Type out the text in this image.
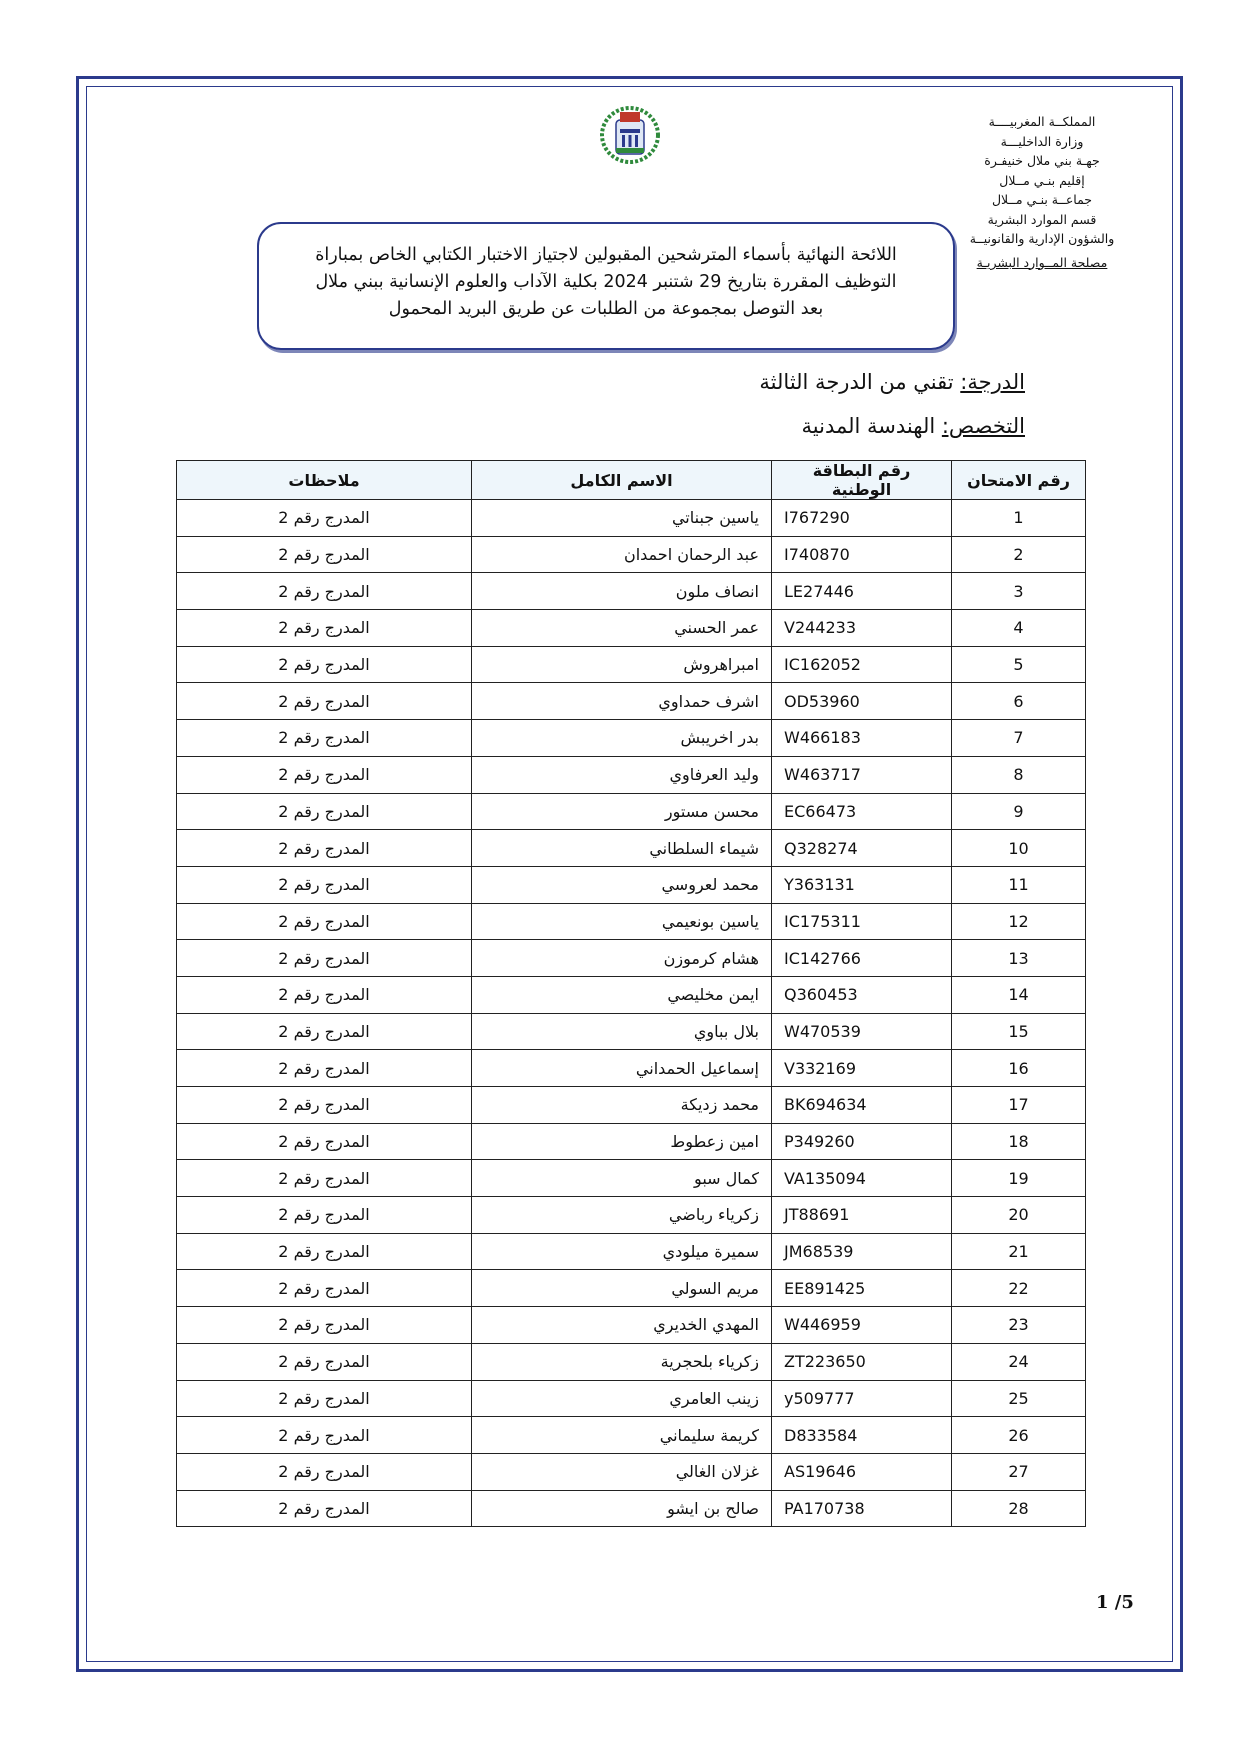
المملكــة المغربيــــة
وزارة الداخليـــة
جهـة بني ملال خنيفـرة
إقليم بنـي مــلال
جماعــة بنـي مــلال
قسم الموارد البشرية
والشؤون الإدارية والقانونيــة
مصلحة المــوارد البشريـة
اللائحة النهائية بأسماء المترشحين المقبولين لاجتياز الاختبار الكتابي الخاص بمباراة
التوظيف المقررة بتاريخ 29 شتنبر 2024 بكلية الآداب والعلوم الإنسانية ببني ملال
بعد التوصل بمجموعة من الطلبات عن طريق البريد المحمول
الدرجة: تقني من الدرجة الثالثة
التخصص: الهندسة المدنية
رقم الامتحان	رقم البطاقة الوطنية	الاسم الكامل	ملاحظات
1	I767290	ياسين جبناتي	المدرج رقم 2
2	I740870	عبد الرحمان احمدان	المدرج رقم 2
3	LE27446	انصاف ملون	المدرج رقم 2
4	V244233	عمر الحسني	المدرج رقم 2
5	IC162052	امبراهروش	المدرج رقم 2
6	OD53960	اشرف حمداوي	المدرج رقم 2
7	W466183	بدر اخريبش	المدرج رقم 2
8	W463717	وليد العرفاوي	المدرج رقم 2
9	EC66473	محسن مستور	المدرج رقم 2
10	Q328274	شيماء السلطاني	المدرج رقم 2
11	Y363131	محمد لعروسي	المدرج رقم 2
12	IC175311	ياسين بونعيمي	المدرج رقم 2
13	IC142766	هشام كرموزن	المدرج رقم 2
14	Q360453	ايمن مخليصي	المدرج رقم 2
15	W470539	بلال بباوي	المدرج رقم 2
16	V332169	إسماعيل الحمداني	المدرج رقم 2
17	BK694634	محمد زديكة	المدرج رقم 2
18	P349260	امين زعطوط	المدرج رقم 2
19	VA135094	كمال سبو	المدرج رقم 2
20	JT88691	زكرياء رباضي	المدرج رقم 2
21	JM68539	سميرة ميلودي	المدرج رقم 2
22	EE891425	مريم السولي	المدرج رقم 2
23	W446959	المهدي الخديري	المدرج رقم 2
24	ZT223650	زكرياء بلحجرية	المدرج رقم 2
25	y509777	زينب العامري	المدرج رقم 2
26	D833584	كريمة سليماني	المدرج رقم 2
27	AS19646	غزلان الغالي	المدرج رقم 2
28	PA170738	صالح بن ايشو	المدرج رقم 2
1 /5
